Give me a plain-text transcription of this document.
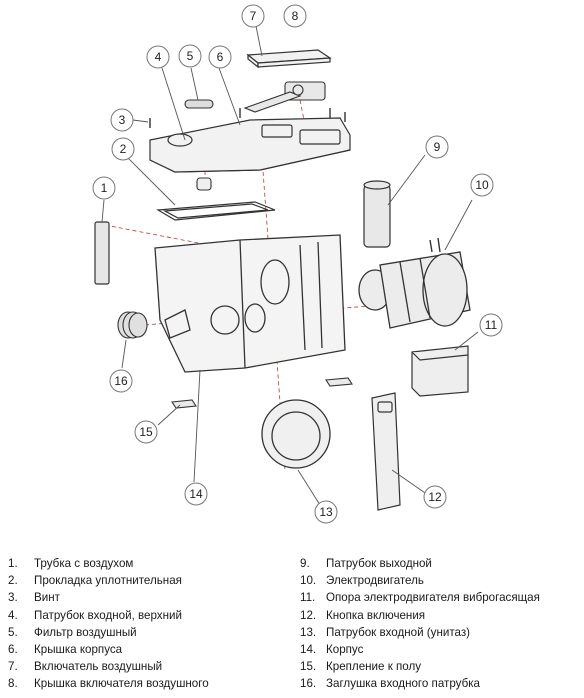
1
2
3
4 5 6
7	8
9
10
11
12
13
14
15
16
1.	Трубка с воздухом
2.	Прокладка уплотнительная
3.	Винт
4.	Патрубок входной, верхний
5.	Фильтр воздушный
6.	Крышка корпуса
7.	Включатель воздушный
8.	Крышка включателя воздушного
9.	Патрубок выходной
10. Электродвигатель
11. Опора электродвигателя виброгасящая
12. Кнопка включения
13. Патрубок входной (унитаз)
14. Корпус
15. Крепление к полу
16. Заглушка входного патрубка
